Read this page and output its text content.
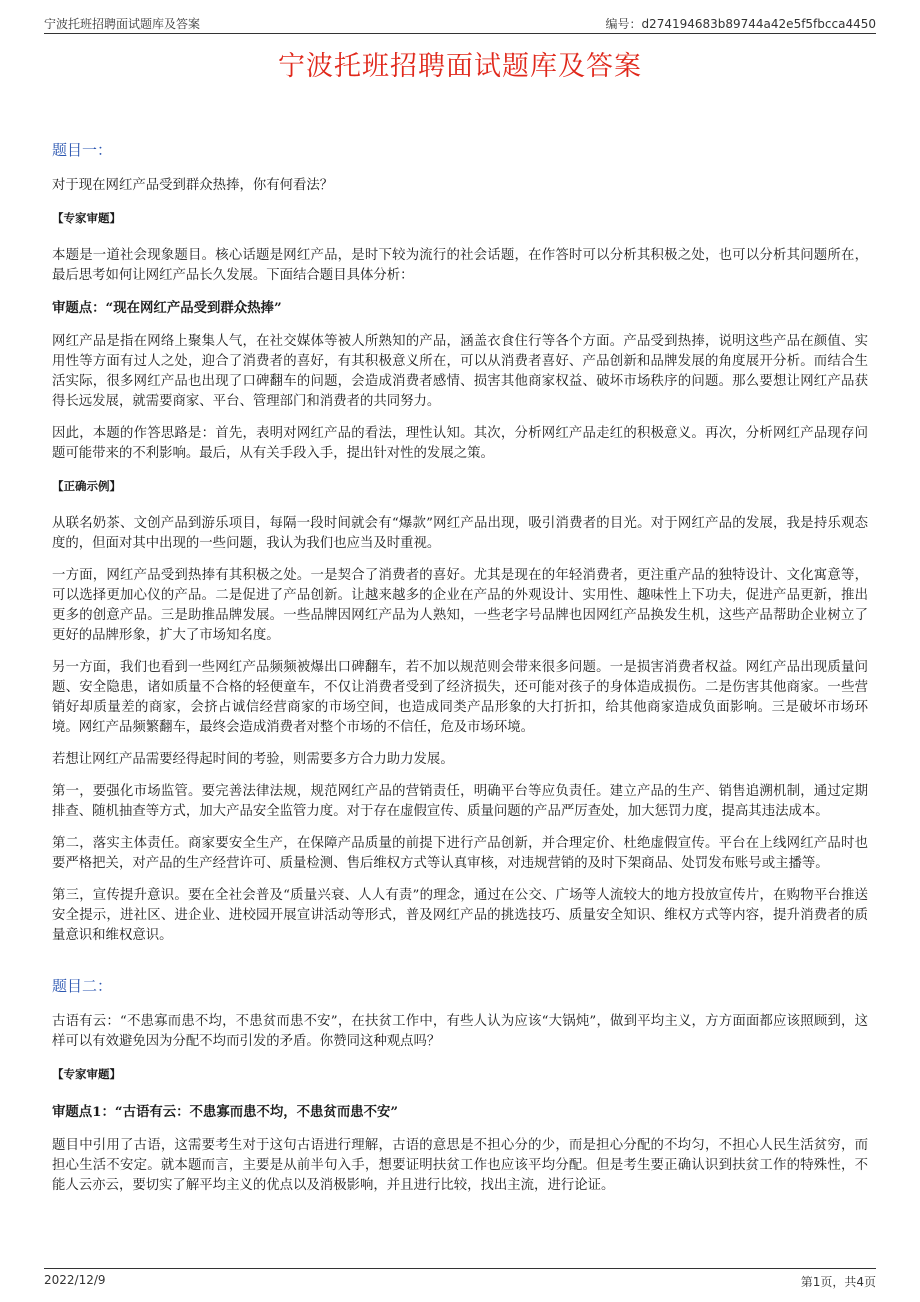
宁波托班招聘面试题库及答案	编号：d274194683b89744a42e5f5fbcca4450
宁波托班招聘面试题库及答案
题目一：

对于现在网红产品受到群众热捧，你有何看法？

【专家审题】

本题是一道社会现象题目。核心话题是网红产品，是时下较为流行的社会话题，在作答时可以分析其积极之处，也可以分析其问题所在，最后思考如何让网红产品长久发展。下面结合题目具体分析：

审题点：“现在网红产品受到群众热捧”

网红产品是指在网络上聚集人气，在社交媒体等被人所熟知的产品，涵盖衣食住行等各个方面。产品受到热捧，说明这些产品在颜值、实用性等方面有过人之处，迎合了消费者的喜好，有其积极意义所在，可以从消费者喜好、产品创新和品牌发展的角度展开分析。而结合生活实际，很多网红产品也出现了口碑翻车的问题，会造成消费者感情、损害其他商家权益、破坏市场秩序的问题。那么要想让网红产品获得长远发展，就需要商家、平台、管理部门和消费者的共同努力。

因此，本题的作答思路是：首先，表明对网红产品的看法，理性认知。其次，分析网红产品走红的积极意义。再次，分析网红产品现存问题可能带来的不利影响。最后，从有关手段入手，提出针对性的发展之策。

【正确示例】

从联名奶茶、文创产品到游乐项目，每隔一段时间就会有“爆款”网红产品出现，吸引消费者的目光。对于网红产品的发展，我是持乐观态度的，但面对其中出现的一些问题，我认为我们也应当及时重视。

一方面，网红产品受到热捧有其积极之处。一是契合了消费者的喜好。尤其是现在的年轻消费者，更注重产品的独特设计、文化寓意等，可以选择更加心仪的产品。二是促进了产品创新。让越来越多的企业在产品的外观设计、实用性、趣味性上下功夫，促进产品更新，推出更多的创意产品。三是助推品牌发展。一些品牌因网红产品为人熟知，一些老字号品牌也因网红产品换发生机，这些产品帮助企业树立了更好的品牌形象，扩大了市场知名度。

另一方面，我们也看到一些网红产品频频被爆出口碑翻车，若不加以规范则会带来很多问题。一是损害消费者权益。网红产品出现质量问题、安全隐患，诸如质量不合格的轻便童车，不仅让消费者受到了经济损失，还可能对孩子的身体造成损伤。二是伤害其他商家。一些营销好却质量差的商家，会挤占诚信经营商家的市场空间，也造成同类产品形象的大打折扣，给其他商家造成负面影响。三是破坏市场环境。网红产品频繁翻车，最终会造成消费者对整个市场的不信任，危及市场环境。

若想让网红产品需要经得起时间的考验，则需要多方合力助力发展。

第一，要强化市场监管。要完善法律法规，规范网红产品的营销责任，明确平台等应负责任。建立产品的生产、销售追溯机制，通过定期排查、随机抽查等方式，加大产品安全监管力度。对于存在虚假宣传、质量问题的产品严厉查处，加大惩罚力度，提高其违法成本。

第二，落实主体责任。商家要安全生产，在保障产品质量的前提下进行产品创新，并合理定价、杜绝虚假宣传。平台在上线网红产品时也要严格把关，对产品的生产经营许可、质量检测、售后维权方式等认真审核，对违规营销的及时下架商品、处罚发布账号或主播等。

第三，宣传提升意识。要在全社会普及“质量兴衰、人人有责”的理念，通过在公交、广场等人流较大的地方投放宣传片，在购物平台推送安全提示，进社区、进企业、进校园开展宣讲活动等形式，普及网红产品的挑选技巧、质量安全知识、维权方式等内容，提升消费者的质量意识和维权意识。

题目二：

古语有云：“不患寡而患不均，不患贫而患不安”，在扶贫工作中，有些人认为应该“大锅炖”，做到平均主义，方方面面都应该照顾到，这样可以有效避免因为分配不均而引发的矛盾。你赞同这种观点吗？

【专家审题】
审题点1：“古语有云：不患寡而患不均，不患贫而患不安”

题目中引用了古语，这需要考生对于这句古语进行理解，古语的意思是不担心分的少，而是担心分配的不均匀，不担心人民生活贫穷，而担心生活不安定。就本题而言，主要是从前半句入手，想要证明扶贫工作也应该平均分配。但是考生要正确认识到扶贫工作的特殊性，不能人云亦云，要切实了解平均主义的优点以及消极影响，并且进行比较，找出主流，进行论证。

2022/12/9	第1页，共4页
